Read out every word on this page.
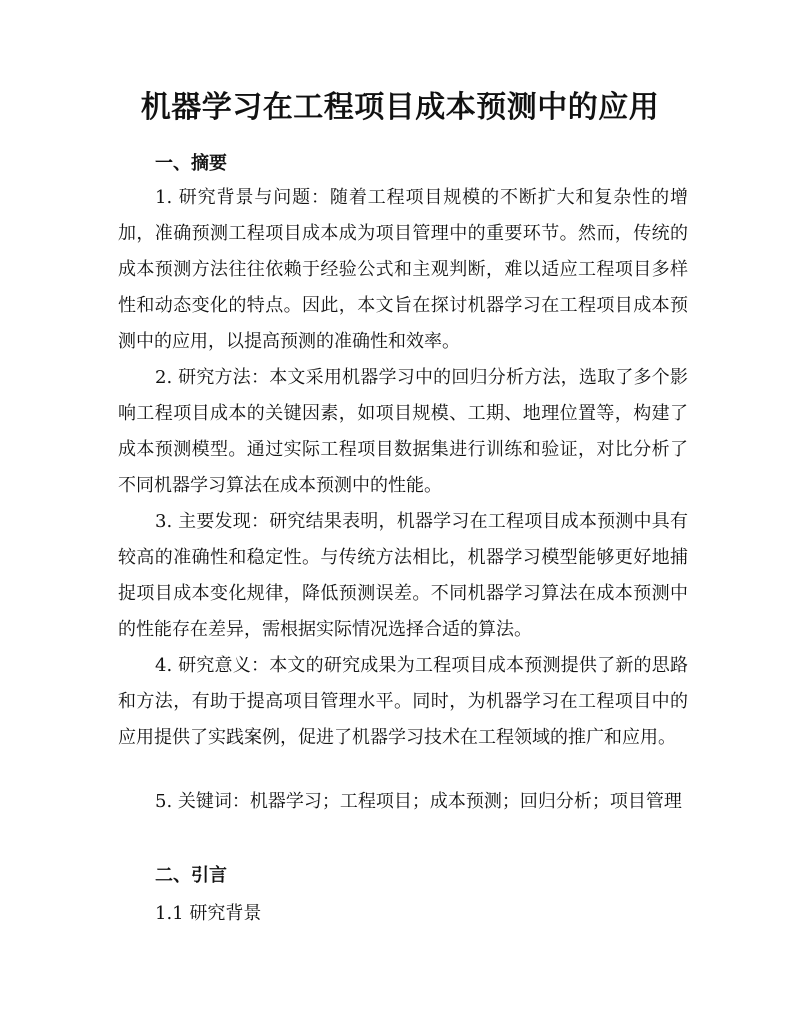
机器学习在工程项目成本预测中的应用
一、摘要

1. 研究背景与问题：随着工程项目规模的不断扩大和复杂性的增加，准确预测工程项目成本成为项目管理中的重要环节。然而，传统的成本预测方法往往依赖于经验公式和主观判断，难以适应工程项目多样性和动态变化的特点。因此，本文旨在探讨机器学习在工程项目成本预测中的应用，以提高预测的准确性和效率。

2. 研究方法：本文采用机器学习中的回归分析方法，选取了多个影响工程项目成本的关键因素，如项目规模、工期、地理位置等，构建了成本预测模型。通过实际工程项目数据集进行训练和验证，对比分析了不同机器学习算法在成本预测中的性能。

3. 主要发现：研究结果表明，机器学习在工程项目成本预测中具有较高的准确性和稳定性。与传统方法相比，机器学习模型能够更好地捕捉项目成本变化规律，降低预测误差。不同机器学习算法在成本预测中的性能存在差异，需根据实际情况选择合适的算法。

4. 研究意义：本文的研究成果为工程项目成本预测提供了新的思路和方法，有助于提高项目管理水平。同时，为机器学习在工程项目中的应用提供了实践案例，促进了机器学习技术在工程领域的推广和应用。

5. 关键词：机器学习；工程项目；成本预测；回归分析；项目管理

二、引言
1.1 研究背景
